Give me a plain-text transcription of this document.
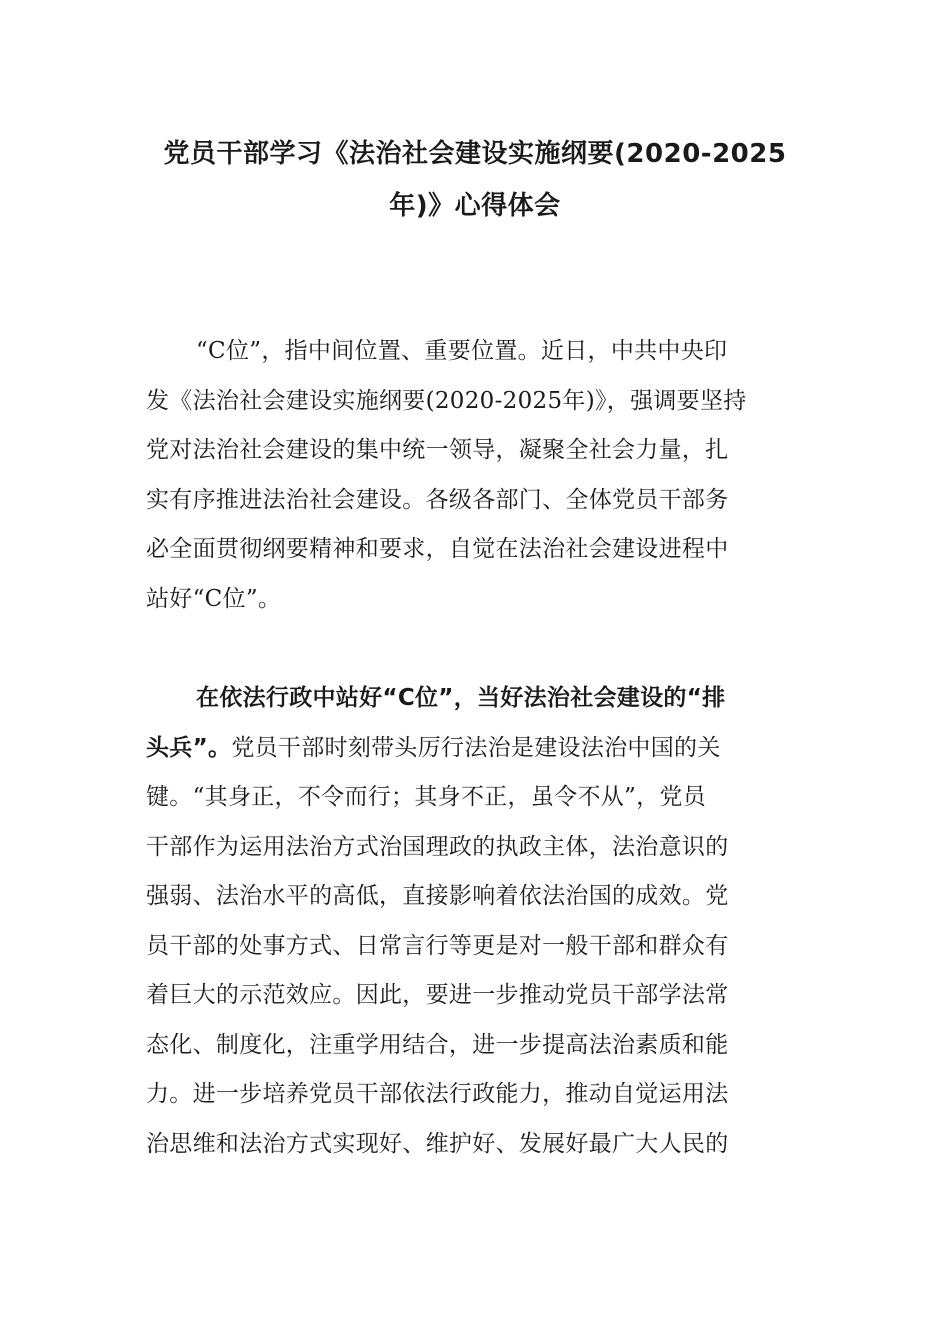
党员干部学习《法治社会建设实施纲要(2020-2025
年)》心得体会

“C位”，指中间位置、重要位置。近日，中共中央印
发《法治社会建设实施纲要(2020-2025年)》，强调要坚持
党对法治社会建设的集中统一领导，凝聚全社会力量，扎
实有序推进法治社会建设。各级各部门、全体党员干部务
必全面贯彻纲要精神和要求，自觉在法治社会建设进程中
站好“C位”。

在依法行政中站好“C位”，当好法治社会建设的“排
头兵”。党员干部时刻带头厉行法治是建设法治中国的关
键。“其身正，不令而行；其身不正，虽令不从”，党员
干部作为运用法治方式治国理政的执政主体，法治意识的
强弱、法治水平的高低，直接影响着依法治国的成效。党
员干部的处事方式、日常言行等更是对一般干部和群众有
着巨大的示范效应。因此，要进一步推动党员干部学法常
态化、制度化，注重学用结合，进一步提高法治素质和能
力。进一步培养党员干部依法行政能力，推动自觉运用法
治思维和法治方式实现好、维护好、发展好最广大人民的
